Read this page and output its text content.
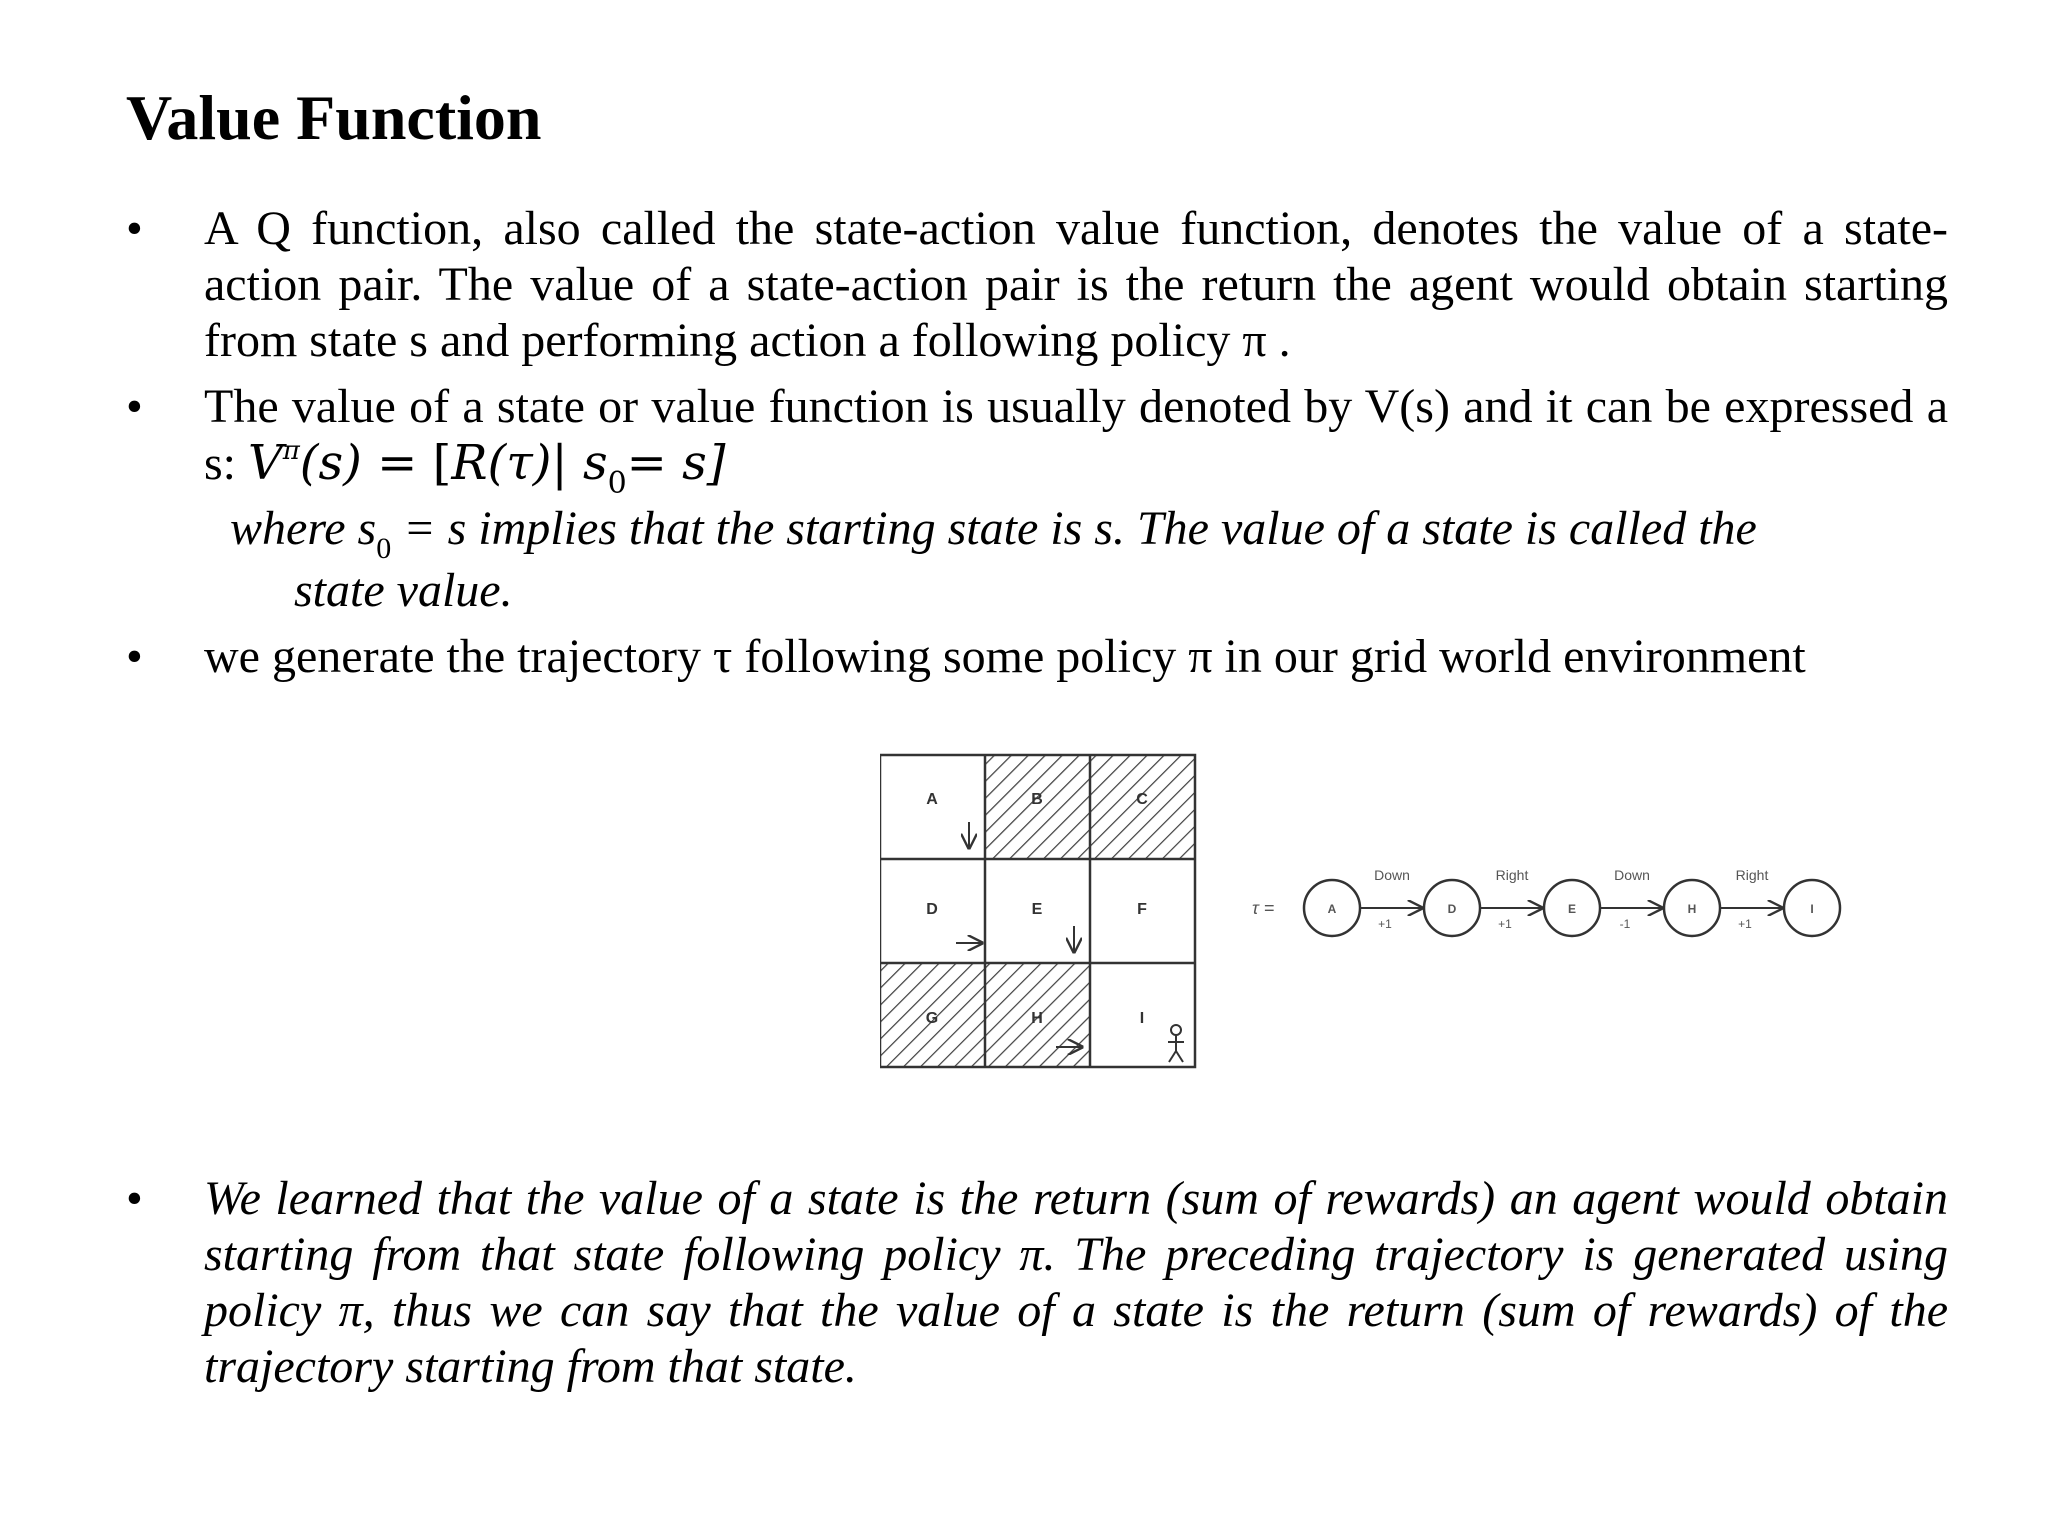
Value Function
• A Q function, also called the state-action value function, denotes the value of a state-action pair. The value of a state-action pair is the return the agent would obtain starting from state s and performing action a following policy π .
• The value of a state or value function is usually denoted by V(s) and it can be expressed a s: $V^\pi(s) = [R(\tau)|$ $s_0= s$]
where $s_0 = s$ implies that the starting state is s. The value of a state is called the
state value.
• we generate the trajectory τ following some policy π in our grid world environment
A	B	C
D	E	F
G	H	I
τ =	A	D	E	H	I
Down	Right	Down	Right
+1	+1	-1	+1
• We learned that the value of a state is the return (sum of rewards) an agent would obtain starting from that state following policy π. The preceding trajectory is generated using policy π, thus we can say that the value of a state is the return (sum of rewards) of the trajectory starting from that state.
